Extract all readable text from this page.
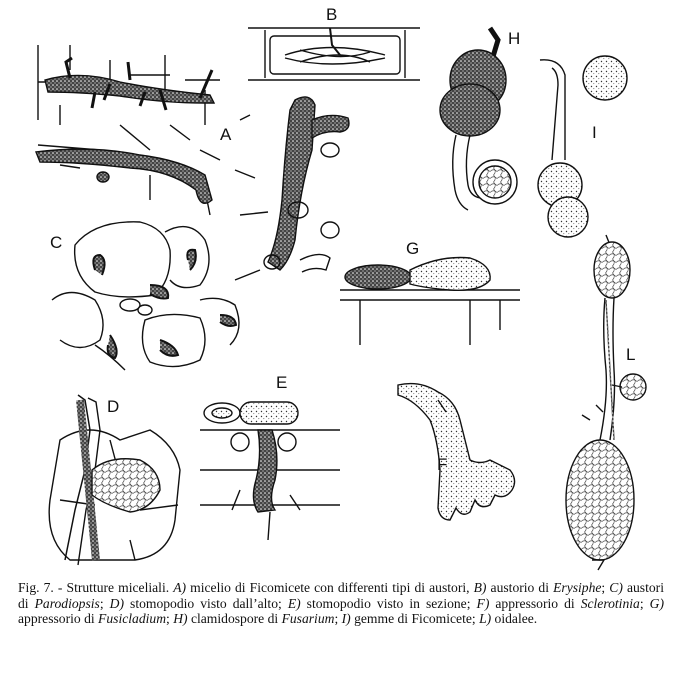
A
B
H
I
C	G
L
D
E
F
Fig. 7. - Strutture miceliali. A) micelio di Ficomicete con differenti tipi di austori, B) austorio di Erysiphe; C) austori di Parodiopsis; D) stomopodio visto dall’alto; E) stomopodio visto in sezione; F) appressorio di Sclerotinia; G) appressorio di Fusicladium; H) clamidospore di Fusarium; I) gemme di Ficomicete; L) oidalee.
